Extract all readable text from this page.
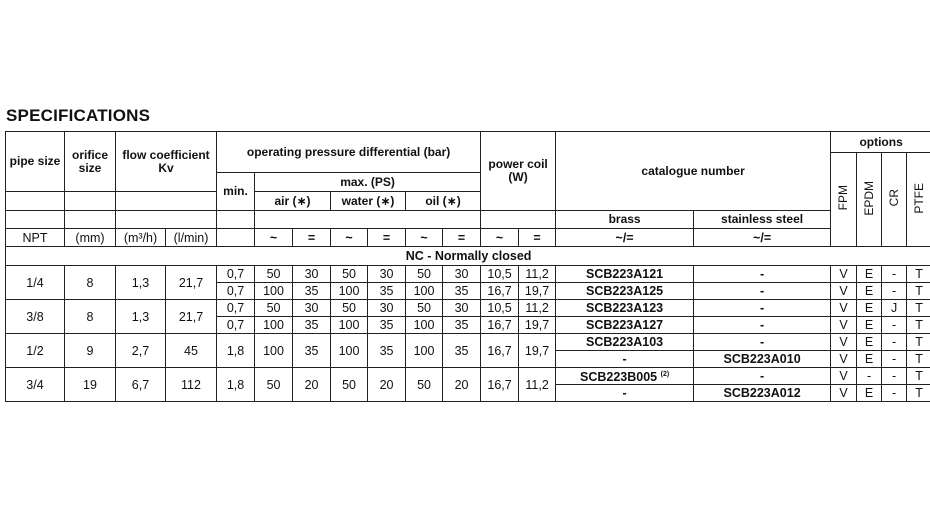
SPECIFICATIONS
pipe size	orifice size	flow coefficient Kv		operating pressure differential (bar)							power coil (W)		catalogue number		options			
															FPM	EPDM	CR	PTFE
				min.	max. (PS)													
					air (∗)		water (∗)		oil (∗)									
													brass	stainless steel				
NPT	(mm)	(m³/h)	(l/min)		~	=	~	=	~	=	~	=	~/=	~/=				
NC - Normally closed																		
1/4	8	1,3	21,7	0,7	50	30	50	30	50	30	10,5	11,2	SCB223A121	-	V	E	-	T
				0,7	100	35	100	35	100	35	16,7	19,7	SCB223A125	-	V	E	-	T
3/8	8	1,3	21,7	0,7	50	30	50	30	50	30	10,5	11,2	SCB223A123	-	V	E	J	T
				0,7	100	35	100	35	100	35	16,7	19,7	SCB223A127	-	V	E	-	T
1/2	9	2,7	45	1,8	100	35	100	35	100	35	16,7	19,7	SCB223A103	-	V	E	-	T
													-	SCB223A010	V	E	-	T
3/4	19	6,7	112	1,8	50	20	50	20	50	20	16,7	11,2	SCB223B005 $^{(2)}$	-	V	-	-	T
													-	SCB223A012	V	E	-	T
